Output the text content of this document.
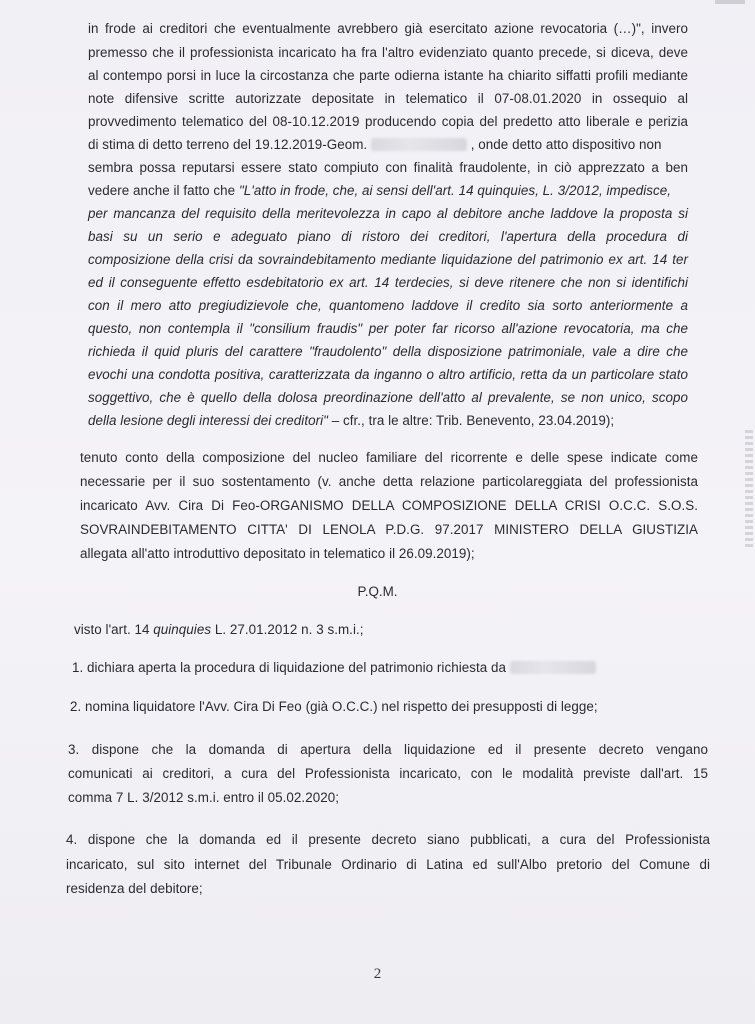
in frode ai creditori che eventualmente avrebbero già esercitato azione revocatoria (…)", invero
premesso che il professionista incaricato ha fra l'altro evidenziato quanto precede, si diceva, deve
al contempo porsi in luce la circostanza che parte odierna istante ha chiarito siffatti profili mediante
note difensive scritte autorizzate depositate in telematico il 07-08.01.2020 in ossequio al
provvedimento telematico del 08-10.12.2019 producendo copia del predetto atto liberale e perizia
di stima di detto terreno del 19.12.2019-Geom.	, onde detto atto dispositivo non
sembra possa reputarsi essere stato compiuto con finalità fraudolente, in ciò apprezzato a ben
vedere anche il fatto che "L'atto in frode, che, ai sensi dell'art. 14 quinquies, L. 3/2012, impedisce,
per mancanza del requisito della meritevolezza in capo al debitore anche laddove la proposta si
basi su un serio e adeguato piano di ristoro dei creditori, l'apertura della procedura di
composizione della crisi da sovraindebitamento mediante liquidazione del patrimonio ex art. 14 ter
ed il conseguente effetto esdebitatorio ex art. 14 terdecies, si deve ritenere che non si identifichi
con il mero atto pregiudizievole che, quantomeno laddove il credito sia sorto anteriormente a
questo, non contempla il "consilium fraudis" per poter far ricorso all'azione revocatoria, ma che
richieda il quid pluris del carattere "fraudolento" della disposizione patrimoniale, vale a dire che
evochi una condotta positiva, caratterizzata da inganno o altro artificio, retta da un particolare stato
soggettivo, che è quello della dolosa preordinazione dell'atto al prevalente, se non unico, scopo
della lesione degli interessi dei creditori" – cfr., tra le altre: Trib. Benevento, 23.04.2019);
tenuto conto della composizione del nucleo familiare del ricorrente e delle spese indicate come
necessarie per il suo sostentamento (v. anche detta relazione particolareggiata del professionista
incaricato Avv. Cira Di Feo-ORGANISMO DELLA COMPOSIZIONE DELLA CRISI O.C.C. S.O.S.
SOVRAINDEBITAMENTO CITTA' DI LENOLA P.D.G. 97.2017 MINISTERO DELLA GIUSTIZIA
allegata all'atto introduttivo depositato in telematico il 26.09.2019);
P.Q.M.
visto l'art. 14 quinquies L. 27.01.2012 n. 3 s.m.i.;
1. dichiara aperta la procedura di liquidazione del patrimonio richiesta da
2. nomina liquidatore l'Avv. Cira Di Feo (già O.C.C.) nel rispetto dei presupposti di legge;
3. dispone che la domanda di apertura della liquidazione ed il presente decreto vengano
comunicati ai creditori, a cura del Professionista incaricato, con le modalità previste dall'art. 15
comma 7 L. 3/2012 s.m.i. entro il 05.02.2020;
4. dispone che la domanda ed il presente decreto siano pubblicati, a cura del Professionista
incaricato, sul sito internet del Tribunale Ordinario di Latina ed sull'Albo pretorio del Comune di
residenza del debitore;
2
